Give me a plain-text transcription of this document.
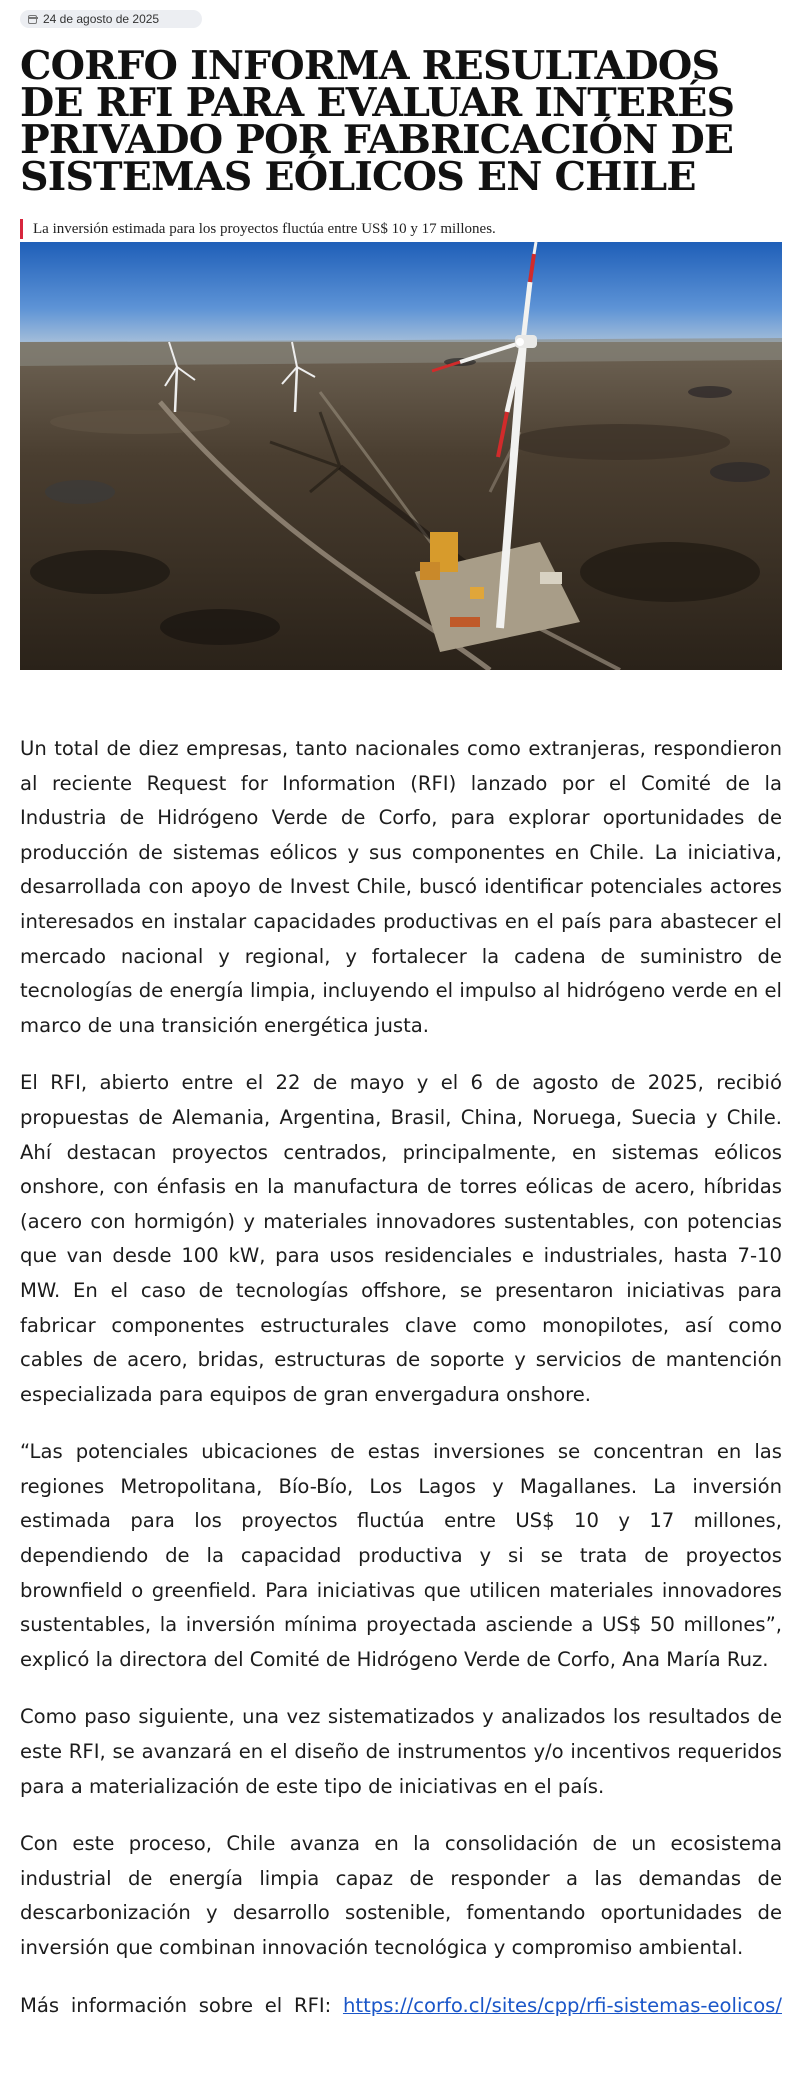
24 de agosto de 2025
CORFO INFORMA RESULTADOS DE RFI PARA EVALUAR INTERÉS PRIVADO POR FABRICACIÓN DE SISTEMAS EÓLICOS EN CHILE
La inversión estimada para los proyectos fluctúa entre US$ 10 y 17 millones.

Un total de diez empresas, tanto nacionales como extranjeras, respondieron al reciente Request for Information (RFI) lanzado por el Comité de la Industria de Hidrógeno Verde de Corfo, para explorar oportunidades de producción de sistemas eólicos y sus componentes en Chile. La iniciativa, desarrollada con apoyo de Invest Chile, buscó identificar potenciales actores interesados en instalar capacidades productivas en el país para abastecer el mercado nacional y regional, y fortalecer la cadena de suministro de tecnologías de energía limpia, incluyendo el impulso al hidrógeno verde en el marco de una transición energética justa.

El RFI, abierto entre el 22 de mayo y el 6 de agosto de 2025, recibió propuestas de Alemania, Argentina, Brasil, China, Noruega, Suecia y Chile. Ahí destacan proyectos centrados, principalmente, en sistemas eólicos onshore, con énfasis en la manufactura de torres eólicas de acero, híbridas (acero con hormigón) y materiales innovadores sustentables, con potencias que van desde 100 kW, para usos residenciales e industriales, hasta 7-10 MW. En el caso de tecnologías offshore, se presentaron iniciativas para fabricar componentes estructurales clave como monopilotes, así como cables de acero, bridas, estructuras de soporte y servicios de mantención especializada para equipos de gran envergadura onshore.

“Las potenciales ubicaciones de estas inversiones se concentran en las regiones Metropolitana, Bío-Bío, Los Lagos y Magallanes. La inversión estimada para los proyectos fluctúa entre US$ 10 y 17 millones, dependiendo de la capacidad productiva y si se trata de proyectos brownfield o greenfield. Para iniciativas que utilicen materiales innovadores sustentables, la inversión mínima proyectada asciende a US$ 50 millones”, explicó la directora del Comité de Hidrógeno Verde de Corfo, Ana María Ruz.

Como paso siguiente, una vez sistematizados y analizados los resultados de este RFI, se avanzará en el diseño de instrumentos y/o incentivos requeridos para a materialización de este tipo de iniciativas en el país.

Con este proceso, Chile avanza en la consolidación de un ecosistema industrial de energía limpia capaz de responder a las demandas de descarbonización y desarrollo sostenible, fomentando oportunidades de inversión que combinan innovación tecnológica y compromiso ambiental.

Más información sobre el RFI: https://corfo.cl/sites/cpp/rfi-sistemas-eolicos/
